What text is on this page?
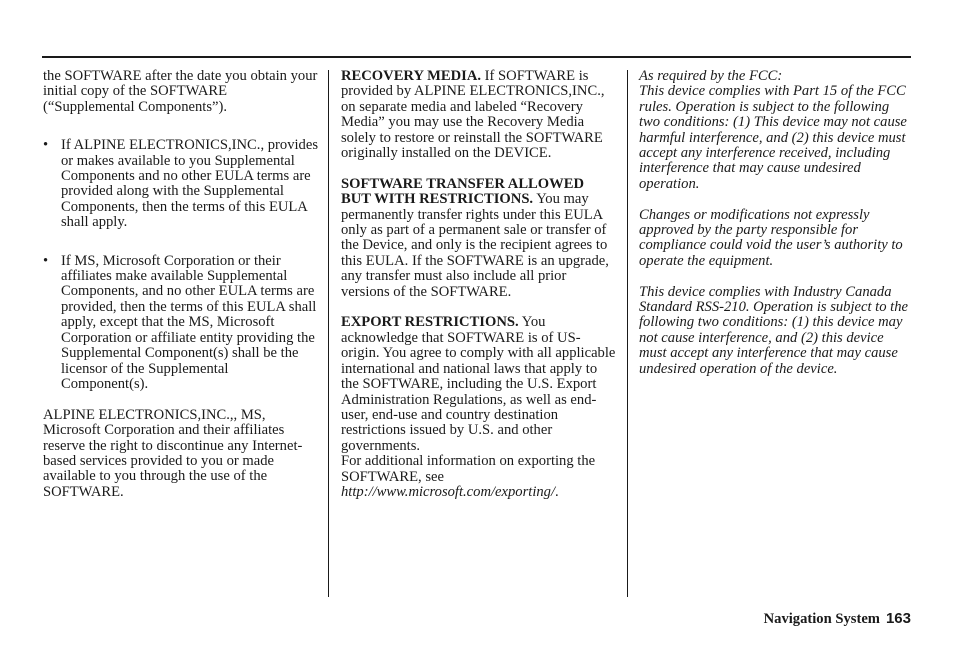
the SOFTWARE after the date you obtain your initial copy of the SOFTWARE (“Supplemental Components”).

• If ALPINE ELECTRONICS,INC., provides or makes available to you Supplemental Components and no other EULA terms are provided along with the Supplemental Components, then the terms of this EULA shall apply.

• If MS, Microsoft Corporation or their affiliates make available Supplemental Components, and no other EULA terms are provided, then the terms of this EULA shall apply, except that the MS, Microsoft Corporation or affiliate entity providing the Supplemental Component(s) shall be the licensor of the Supplemental Component(s).

ALPINE ELECTRONICS,INC.,, MS, Microsoft Corporation and their affiliates reserve the right to discontinue any Internet-based services provided to you or made available to you through the use of the SOFTWARE.

RECOVERY MEDIA. If SOFTWARE is provided by ALPINE ELECTRONICS,INC., on separate media and labeled “Recovery Media” you may use the Recovery Media solely to restore or reinstall the SOFTWARE originally installed on the DEVICE.

SOFTWARE TRANSFER ALLOWED BUT WITH RESTRICTIONS. You may permanently transfer rights under this EULA only as part of a permanent sale or transfer of the Device, and only is the recipient agrees to this EULA. If the SOFTWARE is an upgrade, any transfer must also include all prior versions of the SOFTWARE.

EXPORT RESTRICTIONS. You acknowledge that SOFTWARE is of US-origin. You agree to comply with all applicable international and national laws that apply to the SOFTWARE, including the U.S. Export Administration Regulations, as well as end-user, end-use and country destination restrictions issued by U.S. and other governments.

For additional information on exporting the SOFTWARE, see http://www.microsoft.com/exporting/.

As required by the FCC:

This device complies with Part 15 of the FCC rules. Operation is subject to the following two conditions: (1) This device may not cause harmful interference, and (2) this device must accept any interference received, including interference that may cause undesired operation.

Changes or modifications not expressly approved by the party responsible for compliance could void the user’s authority to operate the equipment.

This device complies with Industry Canada Standard RSS-210. Operation is subject to the following two conditions: (1) this device may not cause interference, and (2) this device must accept any interference that may cause undesired operation of the device.

Navigation System 163
